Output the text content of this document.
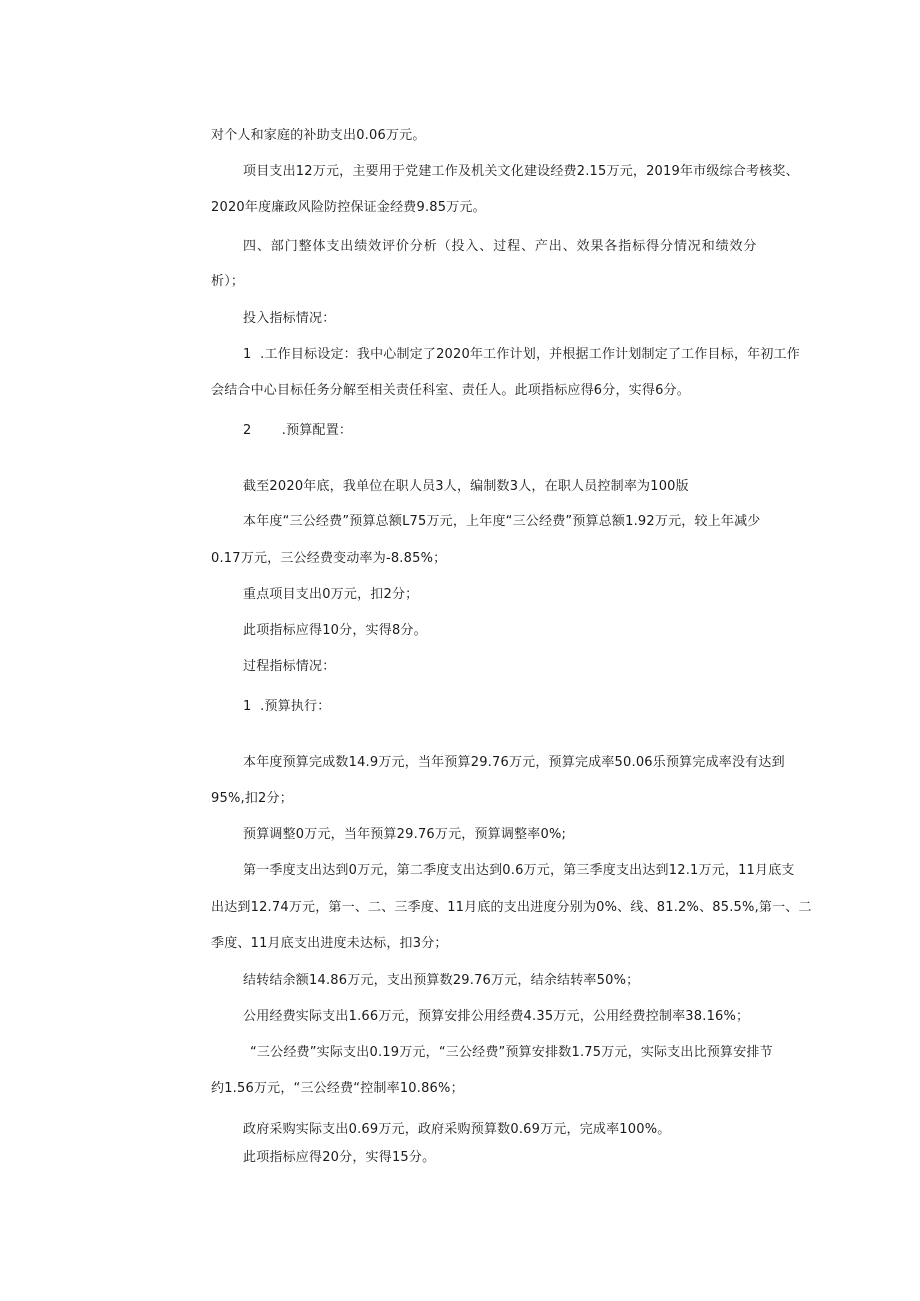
对个人和家庭的补助支出0.06万元。
项目支出12万元，主要用于党建工作及机关文化建设经费2.15万元，2019年市级综合考核奖、
2020年度廉政风险防控保证金经费9.85万元。
四、部门整体支出绩效评价分析（投入、过程、产出、效果各指标得分情况和绩效分
析）；
投入指标情况：
1  .工作目标设定：我中心制定了2020年工作计划，并根据工作计划制定了工作目标，年初工作
会结合中心目标任务分解至相关责任科室、责任人。此项指标应得6分，实得6分。
2       .预算配置：
截至2020年底，我单位在职人员3人，编制数3人，在职人员控制率为100版
本年度“三公经费”预算总额L75万元，上年度“三公经费”预算总额1.92万元，较上年减少
0.17万元，三公经费变动率为-8.85%；
重点项目支出0万元，扣2分；
此项指标应得10分，实得8分。
过程指标情况：
1  .预算执行：
本年度预算完成数14.9万元，当年预算29.76万元，预算完成率50.06乐预算完成率没有达到
95%,扣2分；
预算调整0万元，当年预算29.76万元，预算调整率0%;
第一季度支出达到0万元，第二季度支出达到0.6万元，第三季度支出达到12.1万元，11月底支
出达到12.74万元，第一、二、三季度、11月底的支出进度分别为0%、线、81.2%、85.5%,第一、二
季度、11月底支出进度未达标，扣3分；
结转结余额14.86万元，支出预算数29.76万元，结余结转率50%；
公用经费实际支出1.66万元，预算安排公用经费4.35万元，公用经费控制率38.16%；
“三公经费”实际支出0.19万元，“三公经费”预算安排数1.75万元，实际支出比预算安排节
约1.56万元，“三公经费“控制率10.86%；
政府采购实际支出0.69万元，政府采购预算数0.69万元，完成率100%。
此项指标应得20分，实得15分。
